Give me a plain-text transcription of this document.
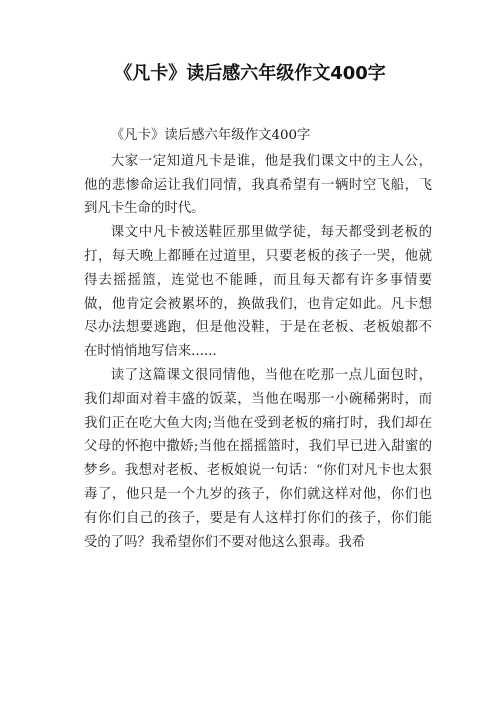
《凡卡》读后感六年级作文400字

《凡卡》读后感六年级作文400字

大家一定知道凡卡是谁，他是我们课文中的主人公，他的悲惨命运让我们同情，我真希望有一辆时空飞船，飞到凡卡生命的时代。

课文中凡卡被送鞋匠那里做学徒，每天都受到老板的打，每天晚上都睡在过道里，只要老板的孩子一哭，他就得去摇摇篮，连觉也不能睡，而且每天都有许多事情要做，他肯定会被累坏的，换做我们，也肯定如此。凡卡想尽办法想要逃跑，但是他没鞋，于是在老板、老板娘都不在时悄悄地写信来......

读了这篇课文很同情他，当他在吃那一点儿面包时，我们却面对着丰盛的饭菜，当他在喝那一小碗稀粥时，而我们正在吃大鱼大肉;当他在受到老板的痛打时，我们却在父母的怀抱中撒娇;当他在摇摇篮时，我们早已进入甜蜜的梦乡。我想对老板、老板娘说一句话：“你们对凡卡也太狠毒了，他只是一个九岁的孩子，你们就这样对他，你们也有你们自己的孩子，要是有人这样打你们的孩子，你们能受的了吗？我希望你们不要对他这么狠毒。我希
